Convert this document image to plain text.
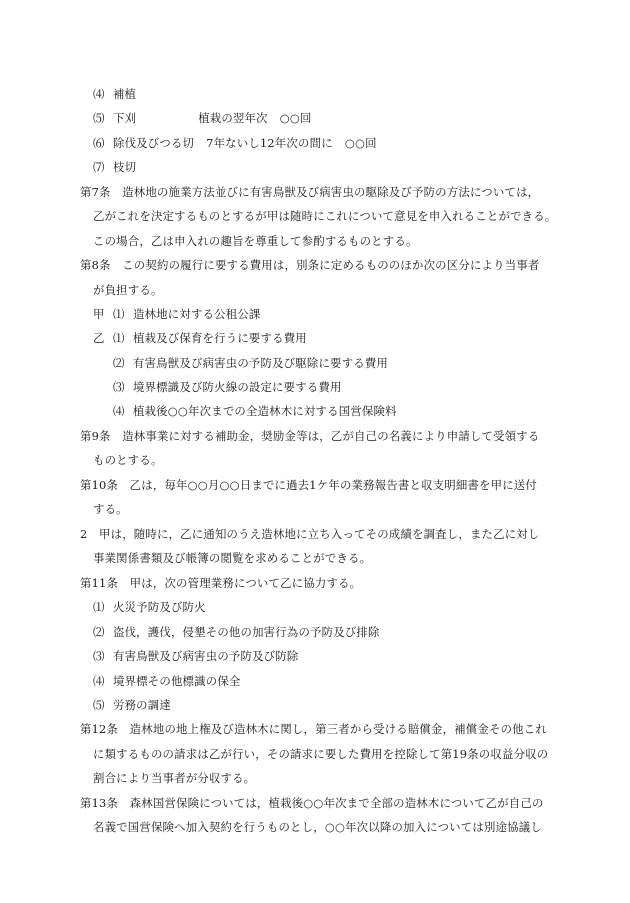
⑷ 補植
⑸ 下刈	植栽の翌年次 ○○回
⑹ 除伐及びつる切 7年ないし12年次の間に ○○回
⑺ 枝切
第7条　造林地の施業方法並びに有害鳥獣及び病害虫の駆除及び予防の方法については，
乙がこれを決定するものとするが甲は随時にこれについて意見を申入れることができる。
この場合，乙は申入れの趣旨を尊重して参酌するものとする。
第8条　この契約の履行に要する費用は，別条に定めるもののほか次の区分により当事者
が負担する。
甲 ⑴ 造林地に対する公租公課
乙 ⑴ 植栽及び保育を行うに要する費用
⑵ 有害鳥獣及び病害虫の予防及び駆除に要する費用
⑶ 境界標識及び防火線の設定に要する費用
⑷ 植栽後○○年次までの全造林木に対する国営保険料
第9条　造林事業に対する補助金，奨励金等は，乙が自己の名義により申請して受領する
ものとする。
第10条　乙は，毎年○○月○○日までに過去1ケ年の業務報告書と収支明細書を甲に送付
する。
2　甲は，随時に，乙に通知のうえ造林地に立ち入ってその成績を調査し，また乙に対し
事業関係書類及び帳簿の閲覧を求めることができる。
第11条　甲は，次の管理業務について乙に協力する。
⑴ 火災予防及び防火
⑵ 盗伐，護伐，侵墾その他の加害行為の予防及び排除
⑶ 有害鳥獣及び病害虫の予防及び防除
⑷ 境界標その他標識の保全
⑸ 労務の調達
第12条　造林地の地上権及び造林木に関し，第三者から受ける賠償金，補償金その他これ
に類するものの請求は乙が行い，その請求に要した費用を控除して第19条の収益分収の
割合により当事者が分収する。
第13条　森林国営保険については，植栽後○○年次まで全部の造林木について乙が自己の
名義で国営保険へ加入契約を行うものとし，○○年次以降の加入については別途協議し
